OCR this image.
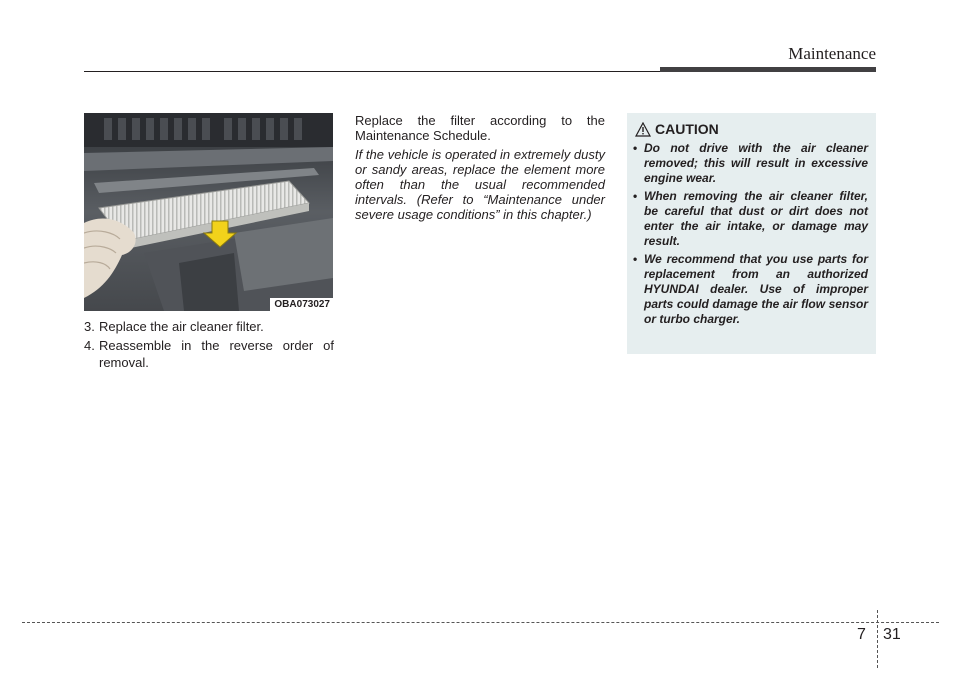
Maintenance
OBA073027
3. Replace the air cleaner filter.
4. Reassemble in the reverse order of removal.

Replace the filter according to the Maintenance Schedule.

If the vehicle is operated in extremely dusty or sandy areas, replace the element more often than the usual recommended intervals. (Refer to “Maintenance under severe usage conditions” in this chapter.)

CAUTION
• Do not drive with the air cleaner removed; this will result in excessive engine wear.
• When removing the air cleaner filter, be careful that dust or dirt does not enter the air intake, or damage may result.
• We recommend that you use parts for replacement from an authorized HYUNDAI dealer. Use of improper parts could damage the air flow sensor or turbo charger.
7 31
